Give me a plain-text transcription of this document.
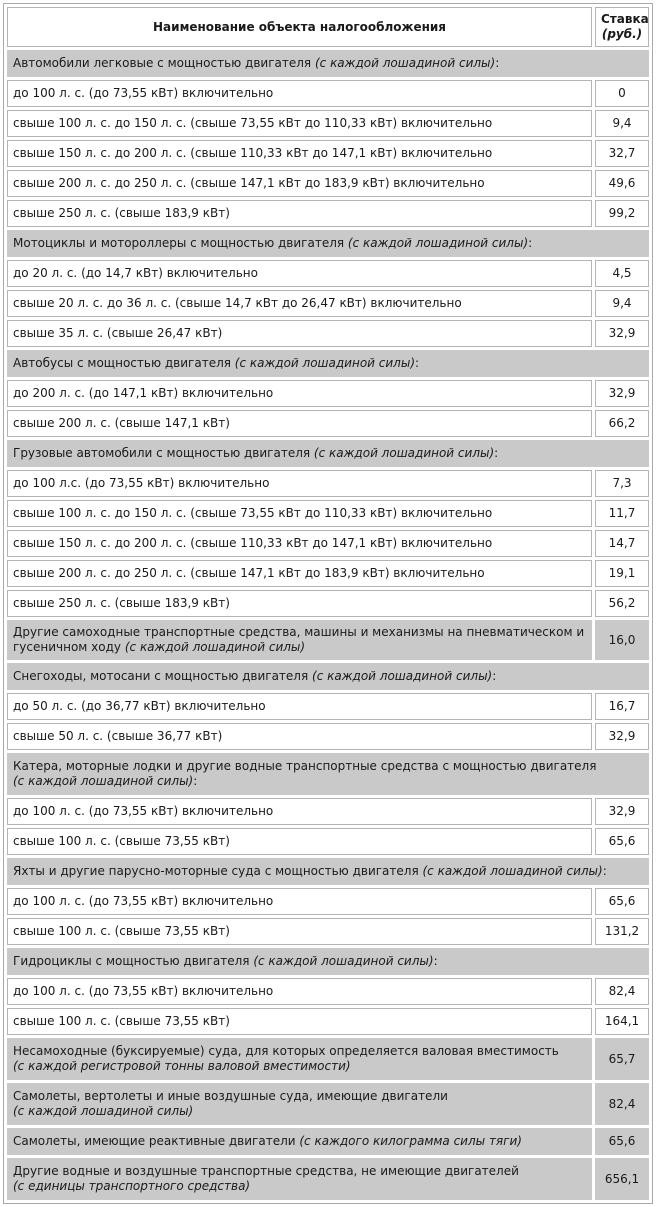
Наименование объекта налогообложения	Ставка
(руб.)
Автомобили легковые с мощностью двигателя (с каждой лошадиной силы):	
до 100 л. с. (до 73,55 кВт) включительно	0
свыше 100 л. с. до 150 л. с. (свыше 73,55 кВт до 110,33 кВт) включительно	9,4
свыше 150 л. с. до 200 л. с. (свыше 110,33 кВт до 147,1 кВт) включительно	32,7
свыше 200 л. с. до 250 л. с. (свыше 147,1 кВт до 183,9 кВт) включительно	49,6
свыше 250 л. с. (свыше 183,9 кВт)	99,2
Мотоциклы и мотороллеры с мощностью двигателя (с каждой лошадиной силы):	
до 20 л. с. (до 14,7 кВт) включительно	4,5
свыше 20 л. с. до 36 л. с. (свыше 14,7 кВт до 26,47 кВт) включительно	9,4
свыше 35 л. с. (свыше 26,47 кВт)	32,9
Автобусы с мощностью двигателя (с каждой лошадиной силы):	
до 200 л. с. (до 147,1 кВт) включительно	32,9
свыше 200 л. с. (свыше 147,1 кВт)	66,2
Грузовые автомобили с мощностью двигателя (с каждой лошадиной силы):	
до 100 л.с. (до 73,55 кВт) включительно	7,3
свыше 100 л. с. до 150 л. с. (свыше 73,55 кВт до 110,33 кВт) включительно	11,7
свыше 150 л. с. до 200 л. с. (свыше 110,33 кВт до 147,1 кВт) включительно	14,7
свыше 200 л. с. до 250 л. с. (свыше 147,1 кВт до 183,9 кВт) включительно	19,1
свыше 250 л. с. (свыше 183,9 кВт)	56,2
Другие самоходные транспортные средства, машины и механизмы на пневматическом и гусеничном ходу (с каждой лошадиной силы)	16,0
Снегоходы, мотосани с мощностью двигателя (с каждой лошадиной силы):	
до 50 л. с. (до 36,77 кВт) включительно	16,7
свыше 50 л. с. (свыше 36,77 кВт)	32,9
Катера, моторные лодки и другие водные транспортные средства с мощностью двигателя
(с каждой лошадиной силы):	
до 100 л. с. (до 73,55 кВт) включительно	32,9
свыше 100 л. с. (свыше 73,55 кВт)	65,6
Яхты и другие парусно-моторные суда с мощностью двигателя (с каждой лошадиной силы):	
до 100 л. с. (до 73,55 кВт) включительно	65,6
свыше 100 л. с. (свыше 73,55 кВт)	131,2
Гидроциклы с мощностью двигателя (с каждой лошадиной силы):	
до 100 л. с. (до 73,55 кВт) включительно	82,4
свыше 100 л. с. (свыше 73,55 кВт)	164,1
Несамоходные (буксируемые) суда, для которых определяется валовая вместимость
(с каждой регистровой тонны валовой вместимости)	65,7
Самолеты, вертолеты и иные воздушные суда, имеющие двигатели
(с каждой лошадиной силы)	82,4
Самолеты, имеющие реактивные двигатели (с каждого килограмма силы тяги)	65,6
Другие водные и воздушные транспортные средства, не имеющие двигателей
(с единицы транспортного средства)	656,1
